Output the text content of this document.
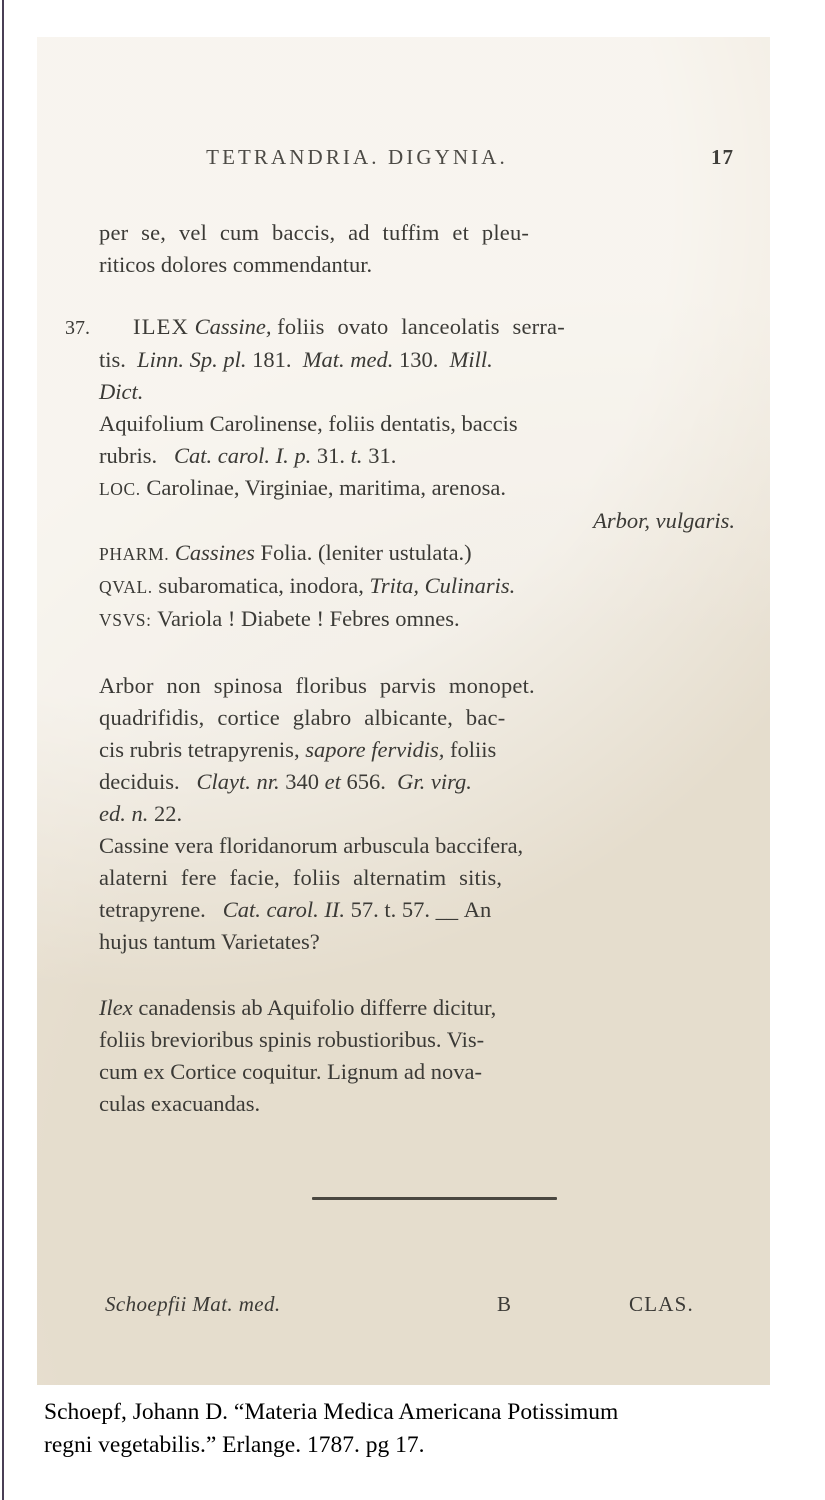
TETRANDRIA. DIGYNIA.	17
per se, vel cum baccis, ad tuffim et pleu-
riticos dolores commendantur.
37. ILEX Cassine, foliis ovato lanceolatis serra-
tis. Linn. Sp. pl. 181. Mat. med. 130. Mill.
Dict.
Aquifolium Carolinense, foliis dentatis, baccis
rubris. Cat. carol. I. p. 31. t. 31.
LOC. Carolinae, Virginiae, maritima, arenosa.
Arbor, vulgaris.
PHARM. Cassines Folia. (leniter ustulata.)
QVAL. subaromatica, inodora, Trita, Culinaris.
VSVS: Variola ! Diabete ! Febres omnes.
Arbor non spinosa floribus parvis monopet.
quadrifidis, cortice glabro albicante, bac-
cis rubris tetrapyrenis, sapore fervidis, foliis
deciduis. Clayt. nr. 340 et 656. Gr. virg.
ed. n. 22.
Cassine vera floridanorum arbuscula baccifera,
alaterni fere facie, foliis alternatim sitis,
tetrapyrene. Cat. carol. II. 57. t. 57. __ An
hujus tantum Varietates?
Ilex canadensis ab Aquifolio differre dicitur,
foliis brevioribus spinis robustioribus. Vis-
cum ex Cortice coquitur. Lignum ad nova-
culas exacuandas.
Schoepfii Mat. med.	B	CLAS.
Schoepf, Johann D. “Materia Medica Americana Potissimum
regni vegetabilis.” Erlange. 1787. pg 17.
